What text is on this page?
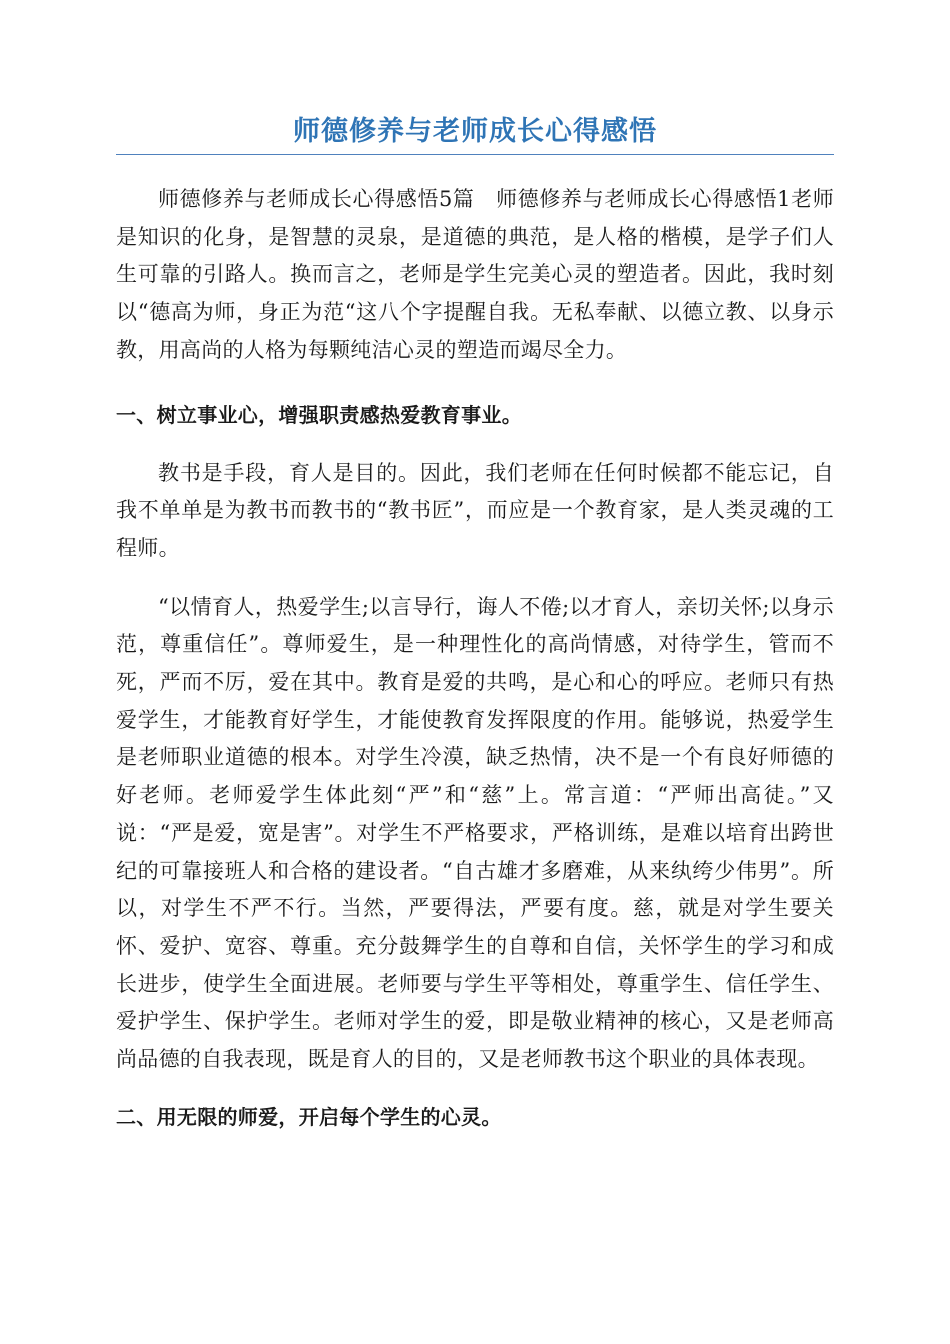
师德修养与老师成长心得感悟

师德修养与老师成长心得感悟5篇　师德修养与老师成长心得感悟1老师是知识的化身，是智慧的灵泉，是道德的典范，是人格的楷模，是学子们人生可靠的引路人。换而言之，老师是学生完美心灵的塑造者。因此，我时刻以“德高为师，身正为范“这八个字提醒自我。无私奉献、以德立教、以身示教，用高尚的人格为每颗纯洁心灵的塑造而竭尽全力。

一、树立事业心，增强职责感热爱教育事业。

教书是手段，育人是目的。因此，我们老师在任何时候都不能忘记，自我不单单是为教书而教书的“教书匠”，而应是一个教育家，是人类灵魂的工程师。

“以情育人，热爱学生;以言导行，诲人不倦;以才育人，亲切关怀;以身示范，尊重信任”。尊师爱生，是一种理性化的高尚情感，对待学生，管而不死，严而不厉，爱在其中。教育是爱的共鸣，是心和心的呼应。老师只有热爱学生，才能教育好学生，才能使教育发挥限度的作用。能够说，热爱学生是老师职业道德的根本。对学生冷漠，缺乏热情，决不是一个有良好师德的好老师。老师爱学生体此刻“严”和“慈”上。常言道：“严师出高徒。”又说：“严是爱，宽是害”。对学生不严格要求，严格训练，是难以培育出跨世纪的可靠接班人和合格的建设者。“自古雄才多磨难，从来纨绔少伟男”。所以，对学生不严不行。当然，严要得法，严要有度。慈，就是对学生要关怀、爱护、宽容、尊重。充分鼓舞学生的自尊和自信，关怀学生的学习和成长进步，使学生全面进展。老师要与学生平等相处，尊重学生、信任学生、爱护学生、保护学生。老师对学生的爱，即是敬业精神的核心，又是老师高尚品德的自我表现，既是育人的目的，又是老师教书这个职业的具体表现。

二、用无限的师爱，开启每个学生的心灵。
